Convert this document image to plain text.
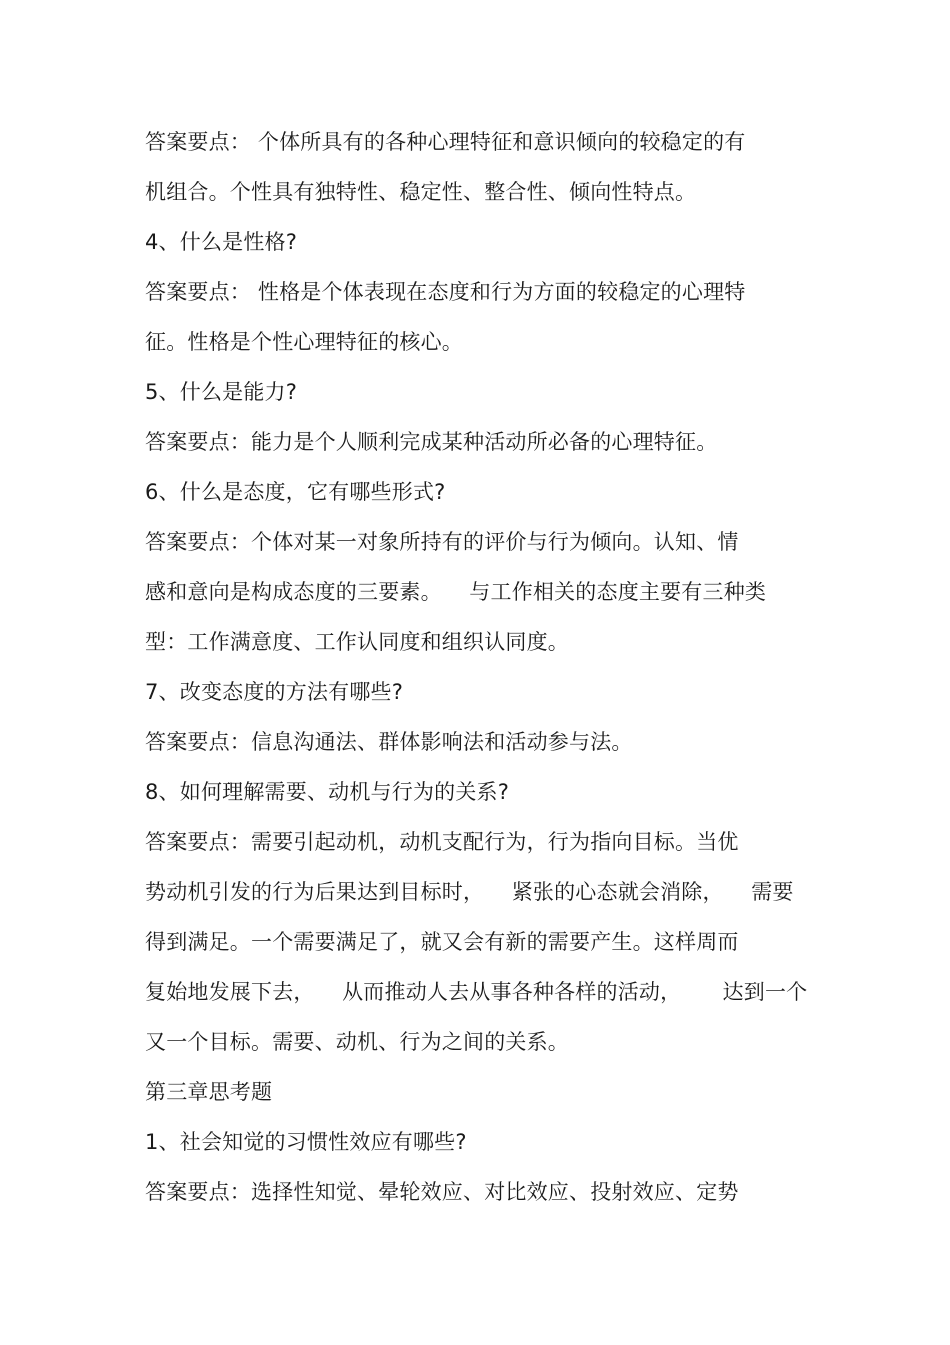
答案要点： 个体所具有的各种心理特征和意识倾向的较稳定的有
机组合。个性具有独特性、稳定性、整合性、倾向性特点。
4、什么是性格?
答案要点： 性格是个体表现在态度和行为方面的较稳定的心理特
征。性格是个性心理特征的核心。
5、什么是能力?
答案要点：能力是个人顺利完成某种活动所必备的心理特征。
6、什么是态度，它有哪些形式?
答案要点：个体对某一对象所持有的评价与行为倾向。认知、情
感和意向是构成态度的三要素。    与工作相关的态度主要有三种类
型：工作满意度、工作认同度和组织认同度。
7、改变态度的方法有哪些?
答案要点：信息沟通法、群体影响法和活动参与法。
8、如何理解需要、动机与行为的关系?
答案要点：需要引起动机，动机支配行为，行为指向目标。当优
势动机引发的行为后果达到目标时，    紧张的心态就会消除，    需要
得到满足。一个需要满足了，就又会有新的需要产生。这样周而
复始地发展下去，    从而推动人去从事各种各样的活动，      达到一个
又一个目标。需要、动机、行为之间的关系。
第三章思考题
1、社会知觉的习惯性效应有哪些?
答案要点：选择性知觉、晕轮效应、对比效应、投射效应、定势
